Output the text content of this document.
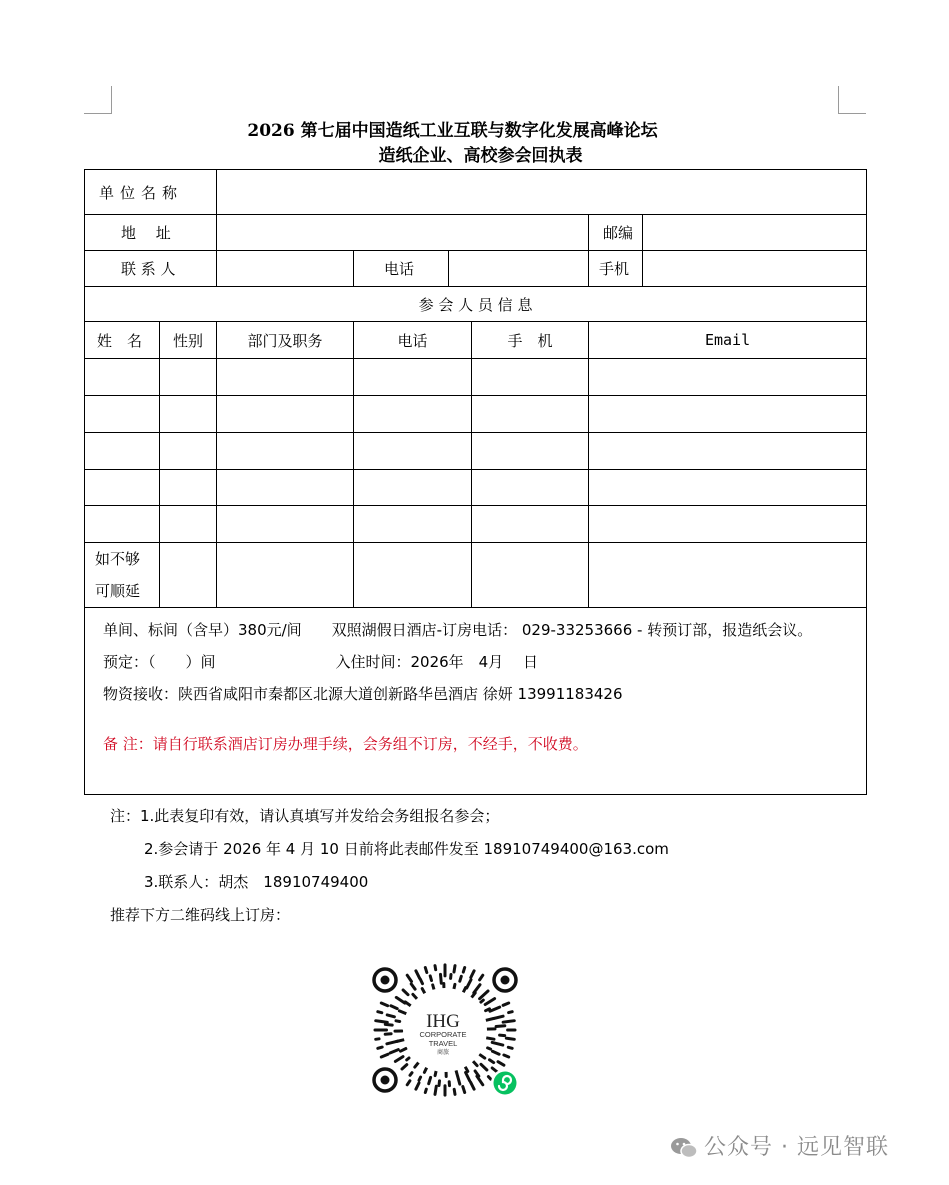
2026 第七届中国造纸工业互联与数字化发展高峰论坛
造纸企业、高校参会回执表
单位名称							
地　 址						邮编	
联 系 人			电话			手机	
参 会 人 员 信 息							
姓　名	性别	部门及职务	电话		手　机	Email	

如不够可顺延							

单间、标间（含早）380元/间　　双照湖假日酒店-订房电话： 029-33253666 - 转预订部，报造纸会议。
预定：（　　）间　　　　　　　　入住时间：2026年　4月　 日
物资接收：陕西省咸阳市秦都区北源大道创新路华邑酒店 徐妍 13991183426
备 注：请自行联系酒店订房办理手续，会务组不订房，不经手，不收费。							
注：1.此表复印有效，请认真填写并发给会务组报名参会；
2.参会请于 2026 年 4 月 10 日前将此表邮件发至 18910749400@163.com
3.联系人：胡杰　18910749400
推荐下方二维码线上订房：
IHG
CORPORATE
TRAVEL
商旅
公众号 · 远见智联
